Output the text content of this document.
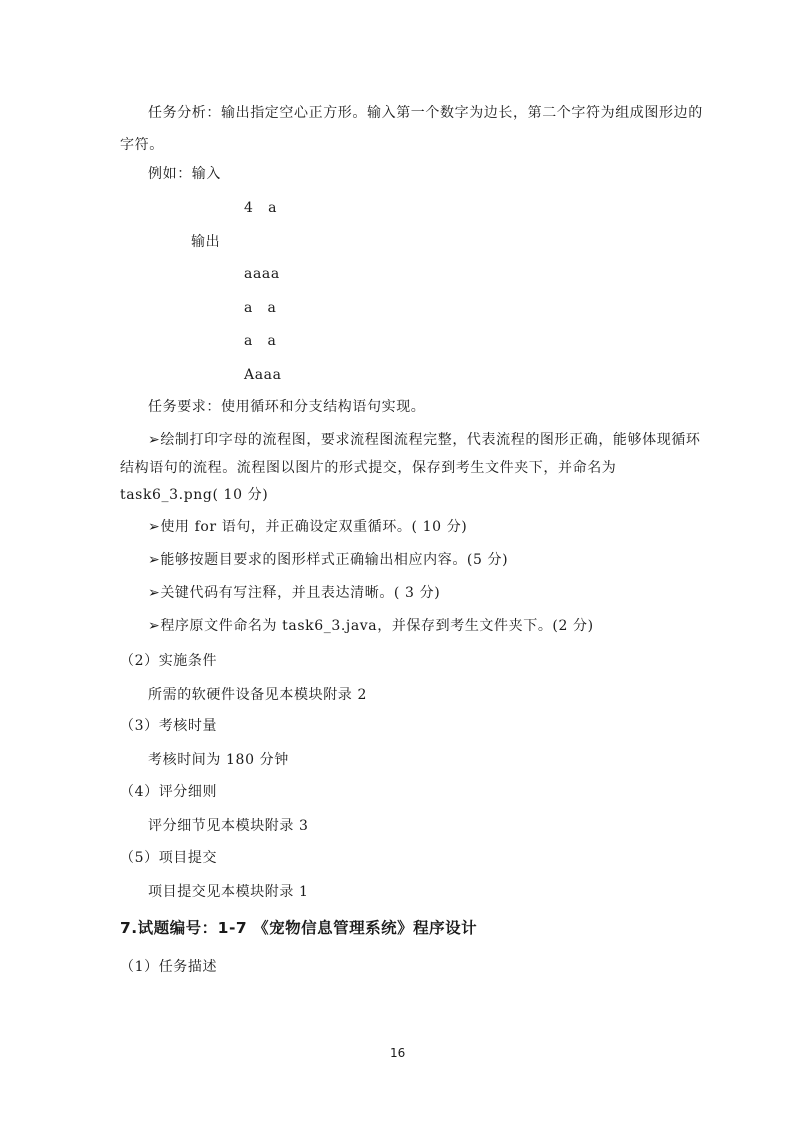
任务分析：输出指定空心正方形。输入第一个数字为边长，第二个字符为组成图形边的
字符。
例如：输入
4　a
输出
aaaa
a　a
a　a
Aaaa
任务要求：使用循环和分支结构语句实现。
➢绘制打印字母的流程图，要求流程图流程完整，代表流程的图形正确，能够体现循环
结构语句的流程。流程图以图片的形式提交，保存到考生文件夹下，并命名为
task6_3.png( 10 分)
➢使用 for 语句，并正确设定双重循环。( 10 分)
➢能够按题目要求的图形样式正确输出相应内容。(5 分)
➢关键代码有写注释，并且表达清晰。( 3 分)
➢程序原文件命名为 task6_3.java，并保存到考生文件夹下。(2 分)
（2）实施条件
所需的软硬件设备见本模块附录 2
（3）考核时量
考核时间为 180 分钟
（4）评分细则
评分细节见本模块附录 3
（5）项目提交
项目提交见本模块附录 1
7.试题编号：1-7 《宠物信息管理系统》程序设计
（1）任务描述
16
